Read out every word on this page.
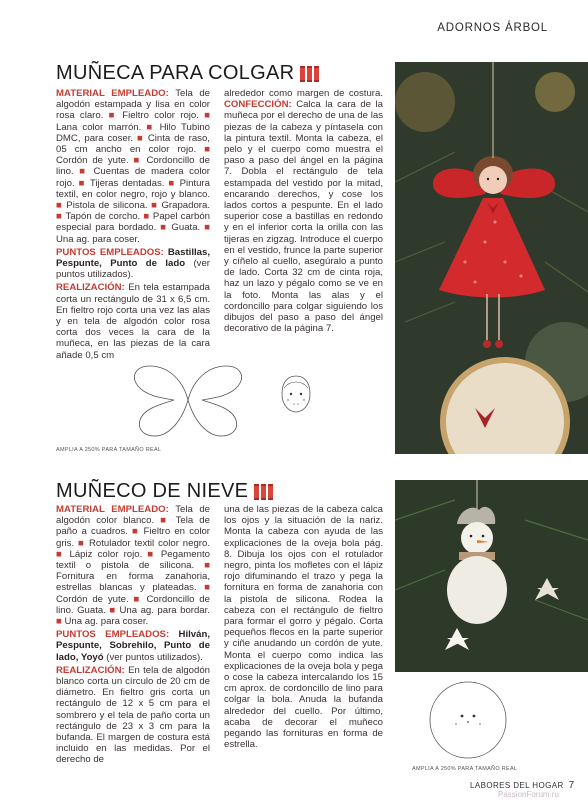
ADORNOS ÁRBOL
MUÑECA PARA COLGAR

MATERIAL EMPLEADO: Tela de algodón estampada y lisa en color rosa claro. ■ Fieltro color rojo. ■ Lana color marrón. ■ Hilo Tubino DMC, para coser. ■ Cinta de raso, 05 cm ancho en color rojo. ■ Cordón de yute. ■ Cordoncillo de lino. ■ Cuentas de madera color rojo. ■ Tijeras dentadas. ■ Pintura textil, en color negro, rojo y blanco. ■ Pistola de silicona. ■ Grapadora. ■ Tapón de corcho. ■ Papel carbón especial para bordado. ■ Guata. ■ Una ag. para coser.

PUNTOS EMPLEADOS: Bastillas, Pespunte, Punto de lado (ver puntos utilizados).

REALIZACIÓN: En tela estampada corta un rectángulo de 31 x 6,5 cm. En fieltro rojo corta una vez las alas y en tela de algodón color rosa corta dos veces la cara de la muñeca, en las piezas de la cara añade 0,5 cm

alrededor como margen de costura. CONFECCIÓN: Calca la cara de la muñeca por el derecho de una de las piezas de la cabeza y píntasela con la pintura textil. Monta la cabeza, el pelo y el cuerpo como muestra el paso a paso del ángel en la página 7. Dobla el rectángulo de tela estampada del vestido por la mitad, encarando derechos, y cose los lados cortos a pespunte. En el lado superior cose a bastillas en redondo y en el inferior corta la orilla con las tijeras en zigzag. Introduce el cuerpo en el vestido, frunce la parte superior y cíñelo al cuello, asegúralo a punto de lado. Corta 32 cm de cinta roja, haz un lazo y pégalo como se ve en la foto. Monta las alas y el cordoncillo para colgar siguiendo los dibujos del paso a paso del ángel decorativo de la página 7.

AMPLIA A 250% PARA TAMAÑO REAL
MUÑECO DE NIEVE

MATERIAL EMPLEADO: Tela de algodón color blanco. ■ Tela de paño a cuadros. ■ Fieltro en color gris. ■ Rotulador textil color negro. ■ Lápiz color rojo. ■ Pegamento textil o pistola de silicona. ■ Fornitura en forma zanahoria, estrellas blancas y plateadas. ■ Cordón de yute. ■ Cordoncillo de lino. Guata. ■ Una ag. para bordar. ■ Una ag. para coser.

PUNTOS EMPLEADOS: Hilván, Pespunte, Sobrehilo, Punto de lado, Yoyó (ver puntos utilizados).

REALIZACIÓN: En tela de algodón blanco corta un círculo de 20 cm de diámetro. En fieltro gris corta un rectángulo de 12 x 5 cm para el sombrero y el tela de paño corta un rectángulo de 23 x 3 cm para la bufanda. El margen de costura está incluido en las medidas. Por el derecho de

una de las piezas de la cabeza calca los ojos y la situación de la nariz. Monta la cabeza con ayuda de las explicaciones de la oveja bola pág. 8. Dibuja los ojos con el rotulador negro, pinta los mofletes con el lápiz rojo difuminando el trazo y pega la fornitura en forma de zanahoria con la pistola de silicona. Rodea la cabeza con el rectángulo de fieltro para formar el gorro y pégalo. Corta pequeños flecos en la parte superior y ciñe anudando un cordón de yute. Monta el cuerpo como indica las explicaciones de la oveja bola y pega o cose la cabeza intercalando los 15 cm aprox. de cordoncillo de lino para colgar la bola. Anuda la bufanda alrededor del cuello. Por último, acaba de decorar el muñeco pegando las fornituras en forma de estrella.

AMPLIA A 250% PARA TAMAÑO REAL
LABORES DEL HOGAR 7
PassionForum.ru
